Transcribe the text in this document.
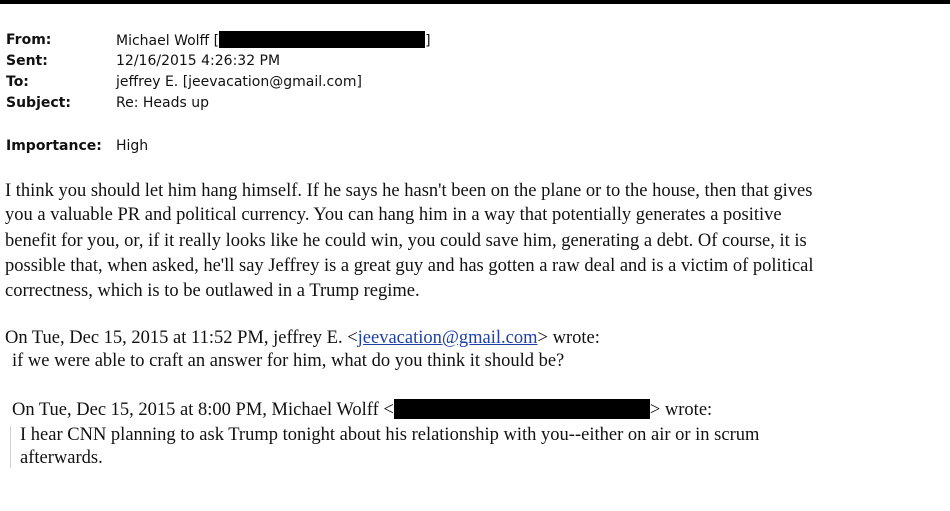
From:	Michael Wolff [	]
Sent:	12/16/2015 4:26:32 PM
To:	jeffrey E. [jeevacation@gmail.com]
Subject:	Re: Heads up
Importance: High
I think you should let him hang himself. If he says he hasn't been on the plane or to the house, then that gives
you a valuable PR and political currency. You can hang him in a way that potentially generates a positive
benefit for you, or, if it really looks like he could win, you could save him, generating a debt. Of course, it is
possible that, when asked, he'll say Jeffrey is a great guy and has gotten a raw deal and is a victim of political
correctness, which is to be outlawed in a Trump regime.
On Tue, Dec 15, 2015 at 11:52 PM, jeffrey E. <jeevacation@gmail.com> wrote:
if we were able to craft an answer for him, what do you think it should be?
On Tue, Dec 15, 2015 at 8:00 PM, Michael Wolff <	> wrote:
I hear CNN planning to ask Trump tonight about his relationship with you--either on air or in scrum
afterwards.
